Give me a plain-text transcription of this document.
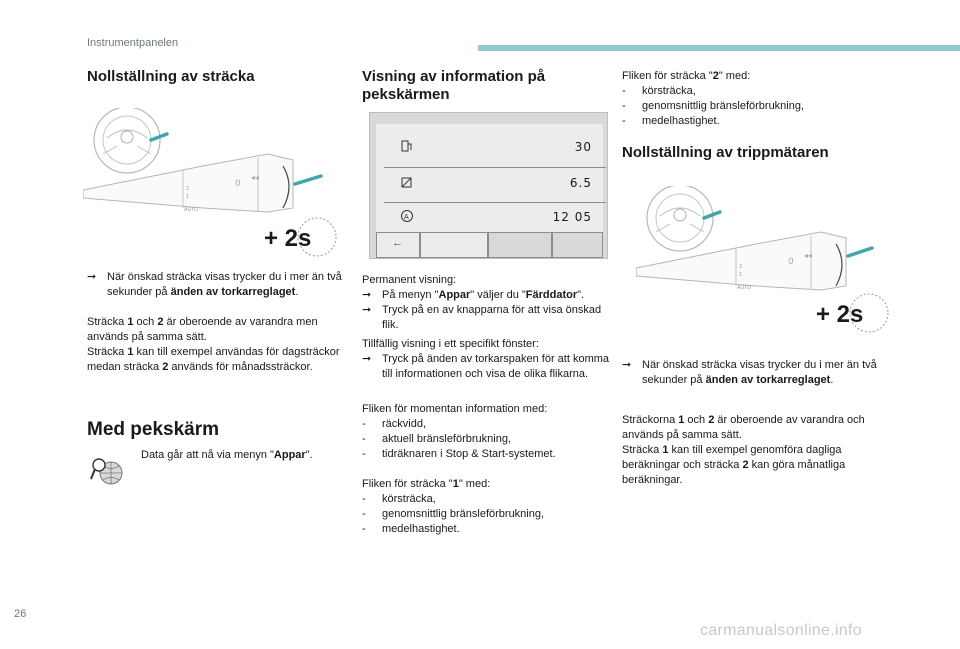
Instrumentpanelen
Nollställning av sträcka
2
1
AUTO
0
◂◂
+ 2s
➞ När önskad sträcka visas trycker du i mer än två sekunder på änden av torkarreglaget.
Sträcka 1 och 2 är oberoende av varandra men används på samma sätt.
Sträcka 1 kan till exempel användas för dagsträckor medan sträcka 2 används för månadssträckor.
Med pekskärm
Data går att nå via menyn "Appar".
Visning av information på pekskärmen
30
6.5
A	12 05
←
Permanent visning:
➞ På menyn "Appar" väljer du "Färddator".
➞ Tryck på en av knapparna för att visa önskad flik.
Tillfällig visning i ett specifikt fönster:
➞ Tryck på änden av torkarspaken för att komma till informationen och visa de olika flikarna.
Fliken för momentan information med:
-	räckvidd,
-	aktuell bränsleförbrukning,
-	tidräknaren i Stop & Start-systemet.
Fliken för sträcka "1" med:
-	körsträcka,
-	genomsnittlig bränsleförbrukning,
-	medelhastighet.
Fliken för sträcka "2" med:
-	körsträcka,
-	genomsnittlig bränsleförbrukning,
-	medelhastighet.
Nollställning av trippmätaren
2
1
AUTO
0
◂◂
+ 2s
➞ När önskad sträcka visas trycker du i mer än två sekunder på änden av torkarreglaget.
Sträckorna 1 och 2 är oberoende av varandra och används på samma sätt.
Sträcka 1 kan till exempel genomföra dagliga beräkningar och sträcka 2 kan göra månatliga beräkningar.
26
carmanualsonline.info
